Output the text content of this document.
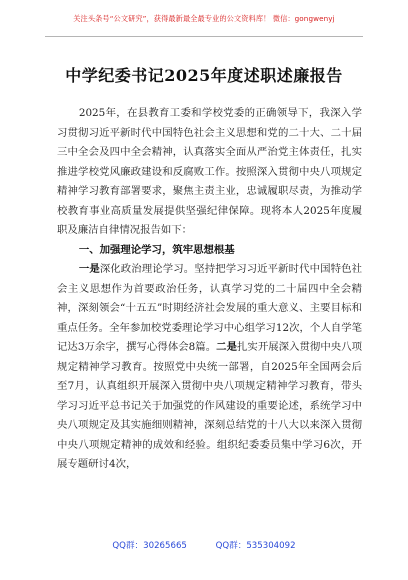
关注头条号“公文研究”，获得最新最全最专业的公文资料库！ 微信：gongwenyj
中学纪委书记2025年度述职述廉报告

2025年，在县教育工委和学校党委的正确领导下，我深入学习贯彻习近平新时代中国特色社会主义思想和党的二十大、二十届三中全会及四中全会精神，认真落实全面从严治党主体责任，扎实推进学校党风廉政建设和反腐败工作。按照深入贯彻中央八项规定精神学习教育部署要求，聚焦主责主业，忠诚履职尽责，为推动学校教育事业高质量发展提供坚强纪律保障。现将本人2025年度履职及廉洁自律情况报告如下：

一、加强理论学习，筑牢思想根基

一是深化政治理论学习。坚持把学习习近平新时代中国特色社会主义思想作为首要政治任务，认真学习党的二十届四中全会精神，深刻领会“十五五”时期经济社会发展的重大意义、主要目标和重点任务。全年参加校党委理论学习中心组学习12次，个人自学笔记达3万余字，撰写心得体会8篇。二是扎实开展深入贯彻中央八项规定精神学习教育。按照党中央统一部署，自2025年全国两会后至7月，认真组织开展深入贯彻中央八项规定精神学习教育，带头学习习近平总书记关于加强党的作风建设的重要论述，系统学习中央八项规定及其实施细则精神，深刻总结党的十八大以来深入贯彻中央八项规定精神的成效和经验。组织纪委委员集中学习6次，开展专题研讨4次，

QQ群：30265665	QQ群：535304092
